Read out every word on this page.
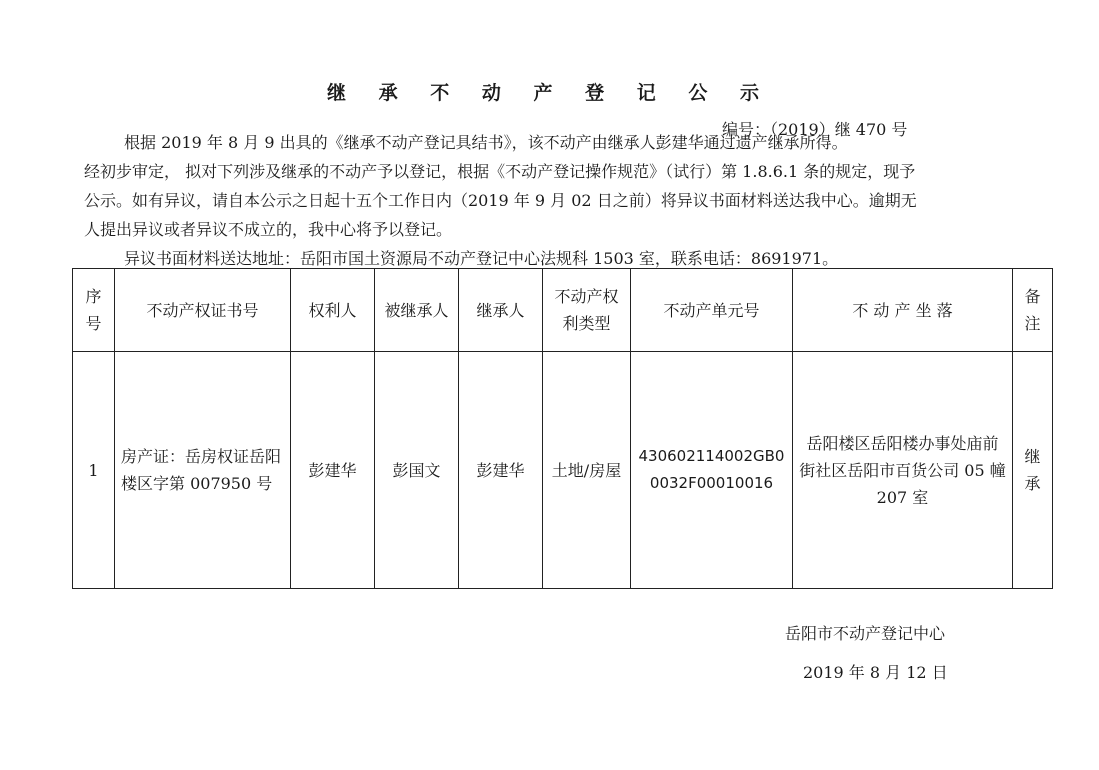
继 承 不 动 产 登 记 公 示
编号：（2019）继 470 号

根据 2019 年 8 月 9 出具的《继承不动产登记具结书》，该不动产由继承人彭建华通过遗产继承所得。

经初步审定， 拟对下列涉及继承的不动产予以登记，根据《不动产登记操作规范》（试行）第 1.8.6.1 条的规定，现予

公示。如有异议，请自本公示之日起十五个工作日内（2019 年 9 月 02 日之前）将异议书面材料送达我中心。逾期无

人提出异议或者异议不成立的，我中心将予以登记。

异议书面材料送达地址：岳阳市国土资源局不动产登记中心法规科 1503 室，联系电话：8691971。

序号	不动产权证书号	权利人	被继承人	继承人	不动产权利类型	不动产单元号	不 动 产 坐 落	备注
1	房产证：岳房权证岳阳楼区字第 007950 号	彭建华	彭国文	彭建华	土地/房屋	430602114002GB00032F00010016	岳阳楼区岳阳楼办事处庙前街社区岳阳市百货公司 05 幢 207 室	继承
岳阳市不动产登记中心
2019 年 8 月 12 日
